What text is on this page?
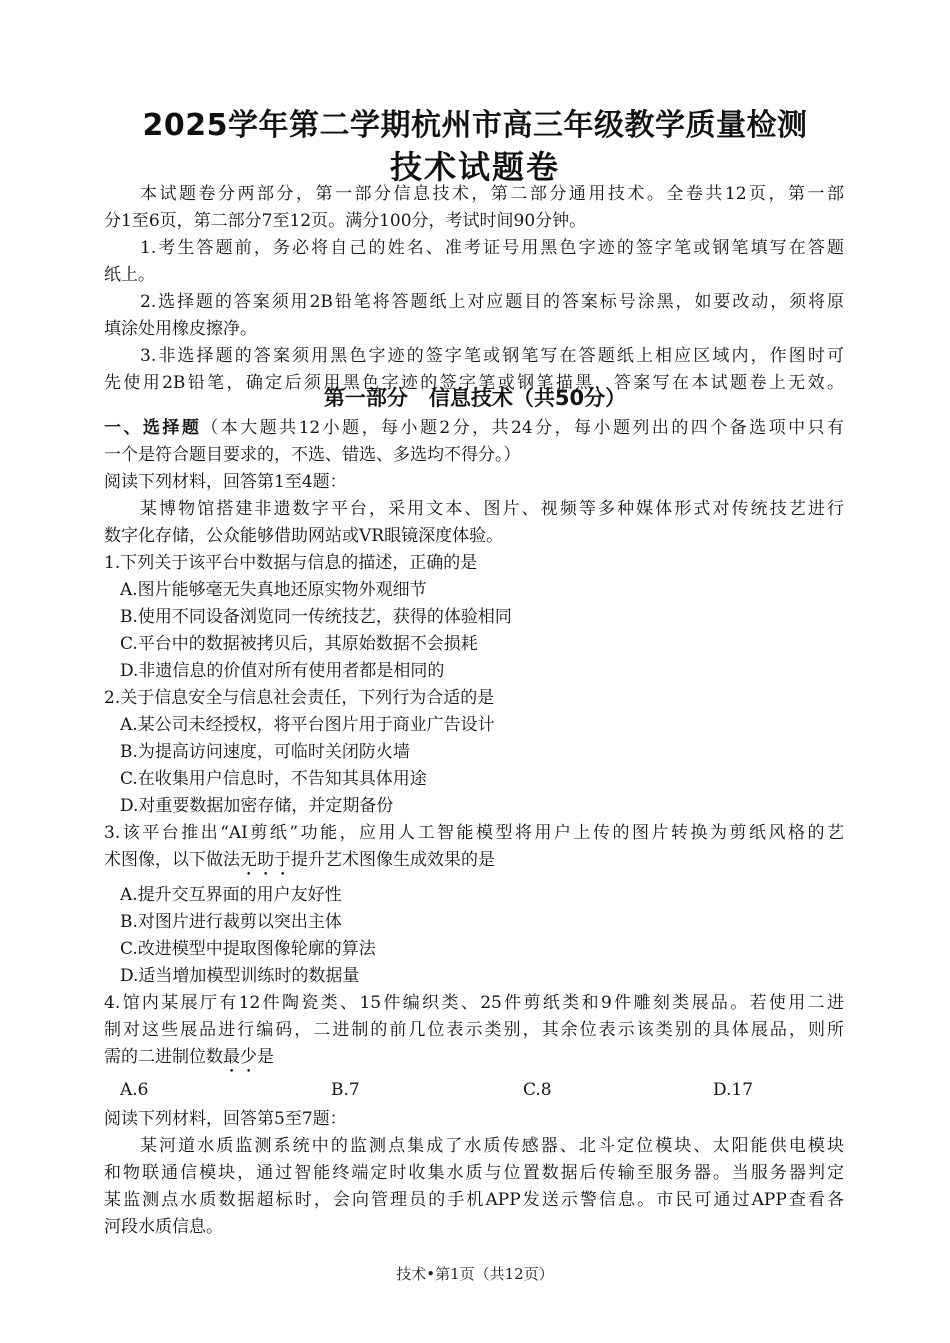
2025学年第二学期杭州市高三年级教学质量检测
技术试题卷
本试题卷分两部分，第一部分信息技术，第二部分通用技术。全卷共12页，第一部
分1至6页，第二部分7至12页。满分100分，考试时间90分钟。
1.考生答题前，务必将自己的姓名、准考证号用黑色字迹的签字笔或钢笔填写在答题
纸上。
2.选择题的答案须用2B铅笔将答题纸上对应题目的答案标号涂黑，如要改动，须将原
填涂处用橡皮擦净。
3.非选择题的答案须用黑色字迹的签字笔或钢笔写在答题纸上相应区域内，作图时可
先使用2B铅笔，确定后须用黑色字迹的签字笔或钢笔描黑，答案写在本试题卷上无效。
第一部分　信息技术（共50分）
一、选择题（本大题共12小题，每小题2分，共24分，每小题列出的四个备选项中只有
一个是符合题目要求的，不选、错选、多选均不得分。）
阅读下列材料，回答第1至4题：
某博物馆搭建非遗数字平台，采用文本、图片、视频等多种媒体形式对传统技艺进行
数字化存储，公众能够借助网站或VR眼镜深度体验。
1.下列关于该平台中数据与信息的描述，正确的是
A.图片能够毫无失真地还原实物外观细节
B.使用不同设备浏览同一传统技艺，获得的体验相同
C.平台中的数据被拷贝后，其原始数据不会损耗
D.非遗信息的价值对所有使用者都是相同的
2.关于信息安全与信息社会责任，下列行为合适的是
A.某公司未经授权，将平台图片用于商业广告设计
B.为提高访问速度，可临时关闭防火墙
C.在收集用户信息时，不告知其具体用途
D.对重要数据加密存储，并定期备份
3.该平台推出“AI剪纸”功能，应用人工智能模型将用户上传的图片转换为剪纸风格的艺
术图像，以下做法无助于提升艺术图像生成效果的是
A.提升交互界面的用户友好性
B.对图片进行裁剪以突出主体
C.改进模型中提取图像轮廓的算法
D.适当增加模型训练时的数据量
4.馆内某展厅有12件陶瓷类、15件编织类、25件剪纸类和9件雕刻类展品。若使用二进
制对这些展品进行编码，二进制的前几位表示类别，其余位表示该类别的具体展品，则所
需的二进制位数最少是
A.6	B.7	C.8	D.17
阅读下列材料，回答第5至7题：
某河道水质监测系统中的监测点集成了水质传感器、北斗定位模块、太阳能供电模块
和物联通信模块，通过智能终端定时收集水质与位置数据后传输至服务器。当服务器判定
某监测点水质数据超标时，会向管理员的手机APP发送示警信息。市民可通过APP查看各
河段水质信息。
技术•第1页（共12页）
